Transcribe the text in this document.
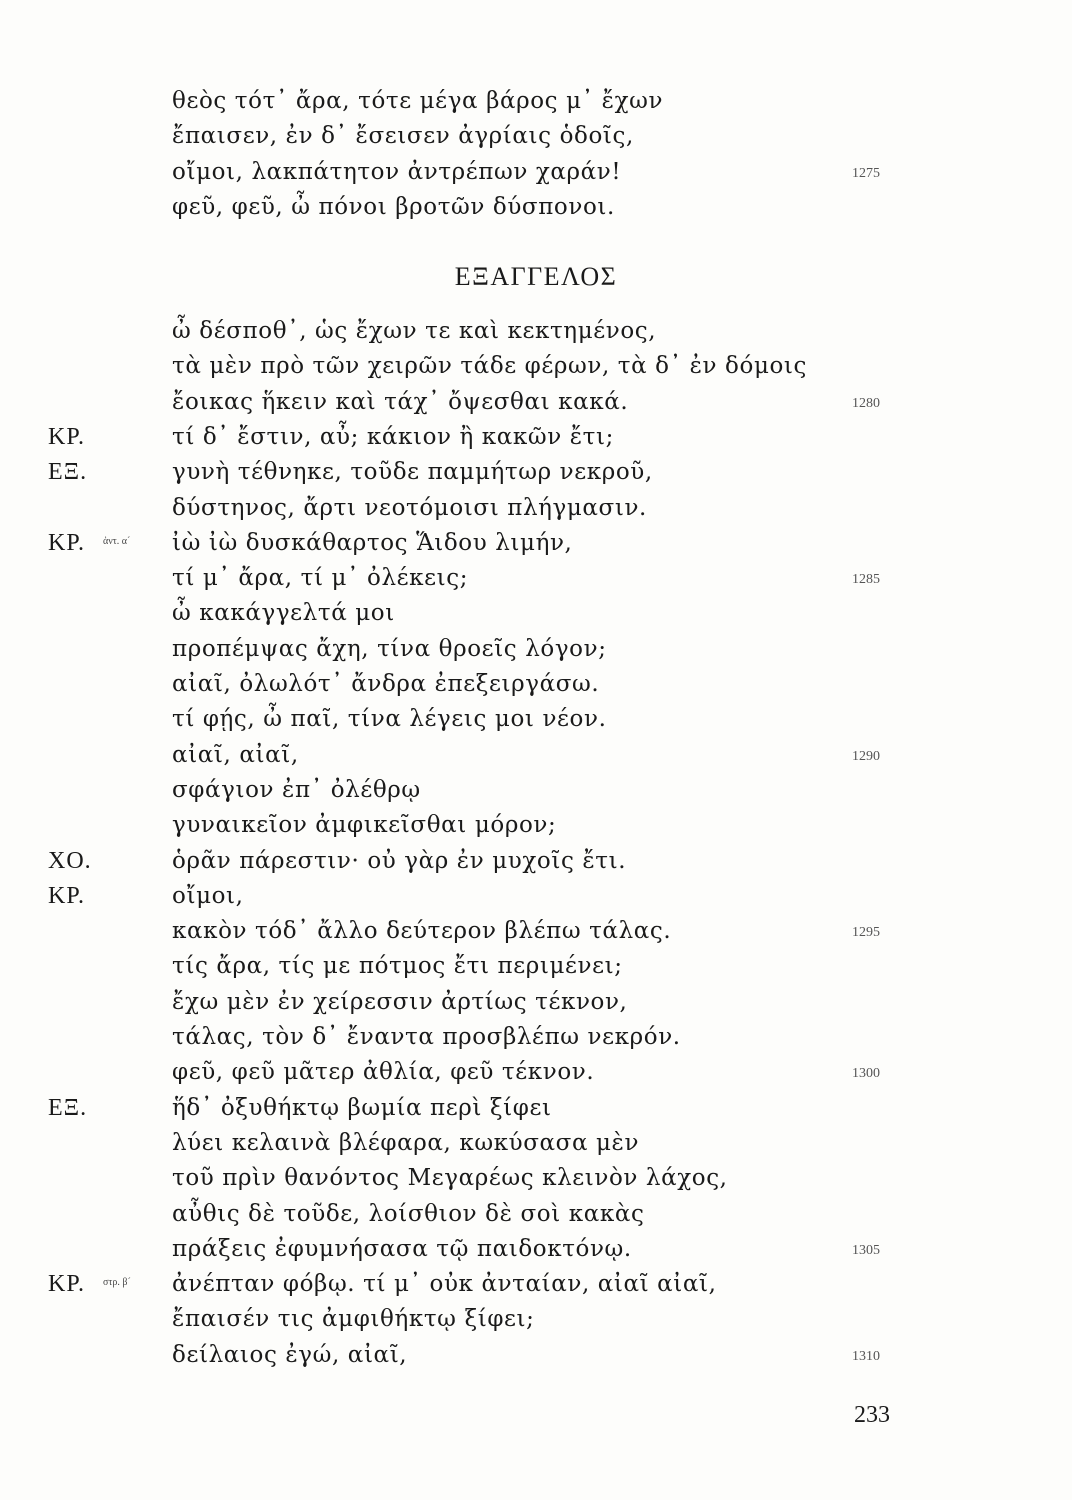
θεὸς τότ᾽ ἄρα, τότε μέγα βάρος μ᾽ ἔχων
ἔπαισεν, ἐν δ᾽ ἔσεισεν ἀγρίαις ὁδοῖς,
οἴμοι, λακπάτητον ἀντρέπων χαράν!	1275
φεῦ, φεῦ, ὦ πόνοι βροτῶν δύσπονοι.
ΕΞΑΓΓΕΛΟΣ
ὦ δέσποθ᾽, ὡς ἔχων τε καὶ κεκτημένος,
τὰ μὲν πρὸ τῶν χειρῶν τάδε φέρων, τὰ δ᾽ ἐν δόμοις
ἔοικας ἥκειν καὶ τάχ᾽ ὄψεσθαι κακά.	1280
ΚΡ.	τί δ᾽ ἔστιν, αὖ; κάκιον ἢ κακῶν ἔτι;
ΕΞ.	γυνὴ τέθνηκε, τοῦδε παμμήτωρ νεκροῦ,
δύστηνος, ἄρτι νεοτόμοισι πλήγμασιν.
ΚΡ. ἀντ. α´ ἰὼ ἰὼ δυσκάθαρτος Ἅιδου λιμήν,
τί μ᾽ ἄρα, τί μ᾽ ὀλέκεις;	1285
ὦ κακάγγελτά μοι
προπέμψας ἄχη, τίνα θροεῖς λόγον;
αἰαῖ, ὀλωλότ᾽ ἄνδρα ἐπεξειργάσω.
τί φῄς, ὦ παῖ, τίνα λέγεις μοι νέον.
αἰαῖ, αἰαῖ,	1290
σφάγιον ἐπ᾽ ὀλέθρῳ
γυναικεῖον ἀμφικεῖσθαι μόρον;
ΧΟ.	ὁρᾶν πάρεστιν· οὐ γὰρ ἐν μυχοῖς ἔτι.
ΚΡ.	οἴμοι,
κακὸν τόδ᾽ ἄλλο δεύτερον βλέπω τάλας.	1295
τίς ἄρα, τίς με πότμος ἔτι περιμένει;
ἔχω μὲν ἐν χείρεσσιν ἀρτίως τέκνον,
τάλας, τὸν δ᾽ ἔναντα προσβλέπω νεκρόν.
φεῦ, φεῦ μᾶτερ ἀθλία, φεῦ τέκνον.	1300
ΕΞ.	ἥδ᾽ ὀξυθήκτῳ βωμία περὶ ξίφει
λύει κελαινὰ βλέφαρα, κωκύσασα μὲν
τοῦ πρὶν θανόντος Μεγαρέως κλεινὸν λάχος,
αὖθις δὲ τοῦδε, λοίσθιον δὲ σοὶ κακὰς
πράξεις ἐφυμνήσασα τῷ παιδοκτόνῳ.	1305
ΚΡ. στρ. β´ ἀνέπταν φόβῳ. τί μ᾽ οὐκ ἀνταίαν, αἰαῖ αἰαῖ,
ἔπαισέν τις ἀμφιθήκτῳ ξίφει;
δείλαιος ἐγώ, αἰαῖ,	1310
233
